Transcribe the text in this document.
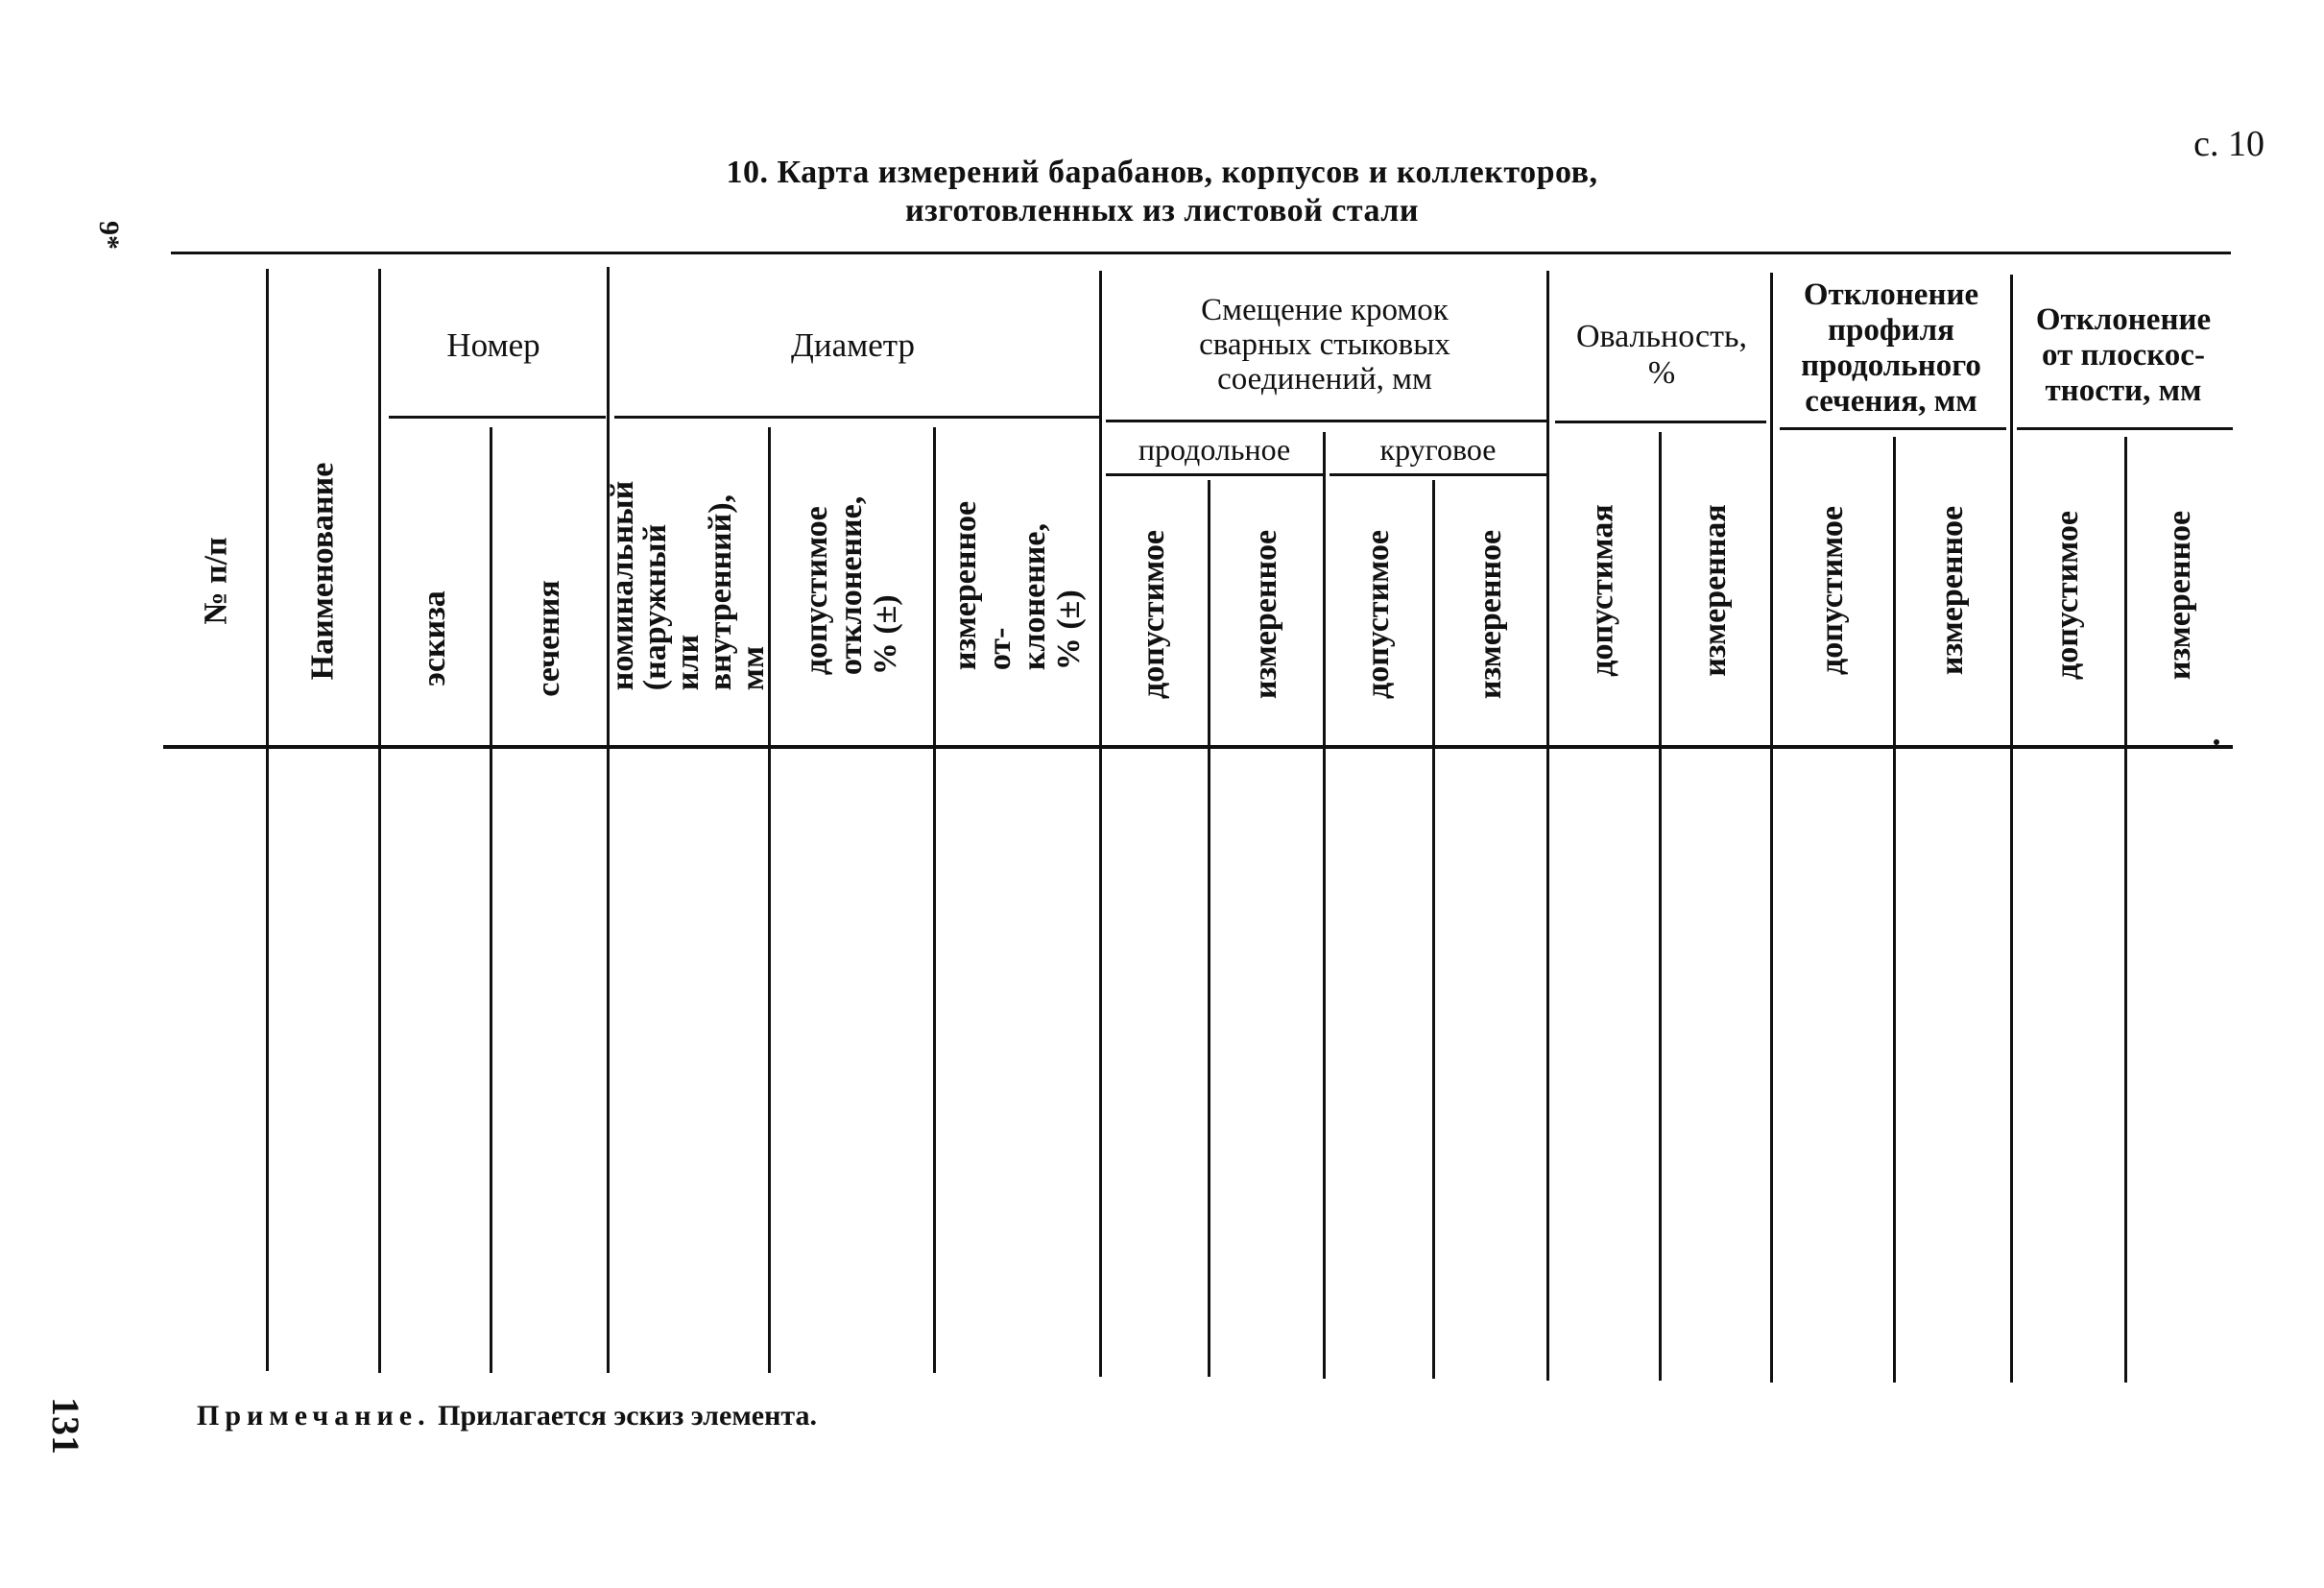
с. 10
9*
131
10. Карта измерений барабанов, корпусов и коллекторов,
изготовленных из листовой стали
№ п/п Наименование
Номер
эскиза сечения
Диаметр
номинальный (наружный или внутренний), мм допустимое отклонение, % (±) измеренное от- клонение, % (±)
Смещение кромок сварных стыковых соединений, мм
продольное	круговое
допустимое измеренное допустимое измеренное
Овальность, %
допустимая измеренная
Отклонение профиля продольного сечения, мм
допустимое	измеренное
Отклонение от плоскос- тности, мм
допустимое измеренное
Примечание. Прилагается эскиз элемента.
